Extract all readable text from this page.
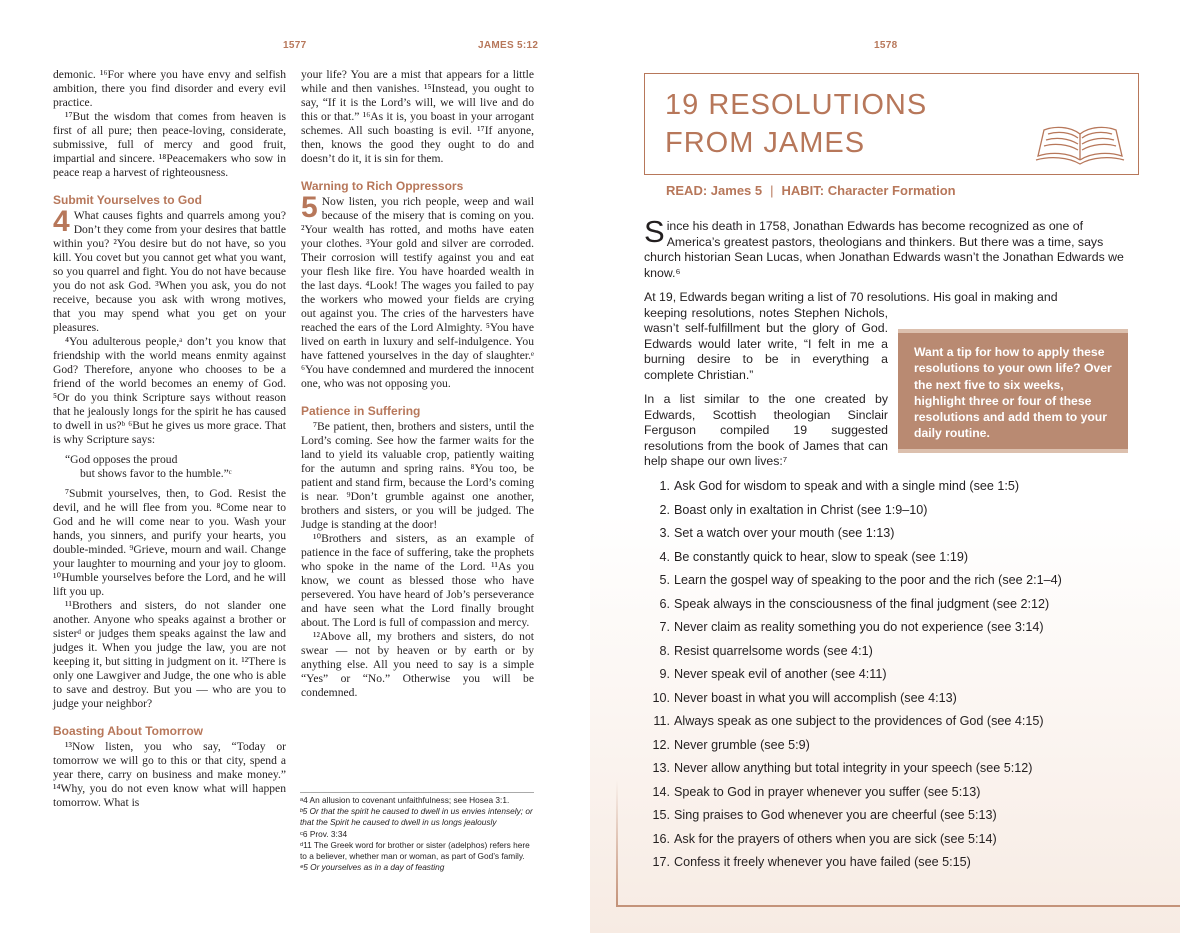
1577	JAMES 5:12

demonic. ¹⁶For where you have envy and selfish ambition, there you find disorder and every evil practice.

¹⁷But the wisdom that comes from heaven is first of all pure; then peace-loving, considerate, submissive, full of mercy and good fruit, impartial and sincere. ¹⁸Peacemakers who sow in peace reap a harvest of righteousness.

Submit Yourselves to God

4 What causes fights and quarrels among you? Don’t they come from your desires that battle within you? ²You desire but do not have, so you kill. You covet but you cannot get what you want, so you quarrel and fight. You do not have because you do not ask God. ³When you ask, you do not receive, because you ask with wrong motives, that you may spend what you get on your pleasures.

⁴You adulterous people,ᵃ don’t you know that friendship with the world means enmity against God? Therefore, anyone who chooses to be a friend of the world becomes an enemy of God. ⁵Or do you think Scripture says without reason that he jealously longs for the spirit he has caused to dwell in us?ᵇ ⁶But he gives us more grace. That is why Scripture says:

“God opposes the proud
but shows favor to the humble.”ᶜ

⁷Submit yourselves, then, to God. Resist the devil, and he will flee from you. ⁸Come near to God and he will come near to you. Wash your hands, you sinners, and purify your hearts, you double-minded. ⁹Grieve, mourn and wail. Change your laughter to mourning and your joy to gloom. ¹⁰Humble yourselves before the Lord, and he will lift you up.

¹¹Brothers and sisters, do not slander one another. Anyone who speaks against a brother or sisterᵈ or judges them speaks against the law and judges it. When you judge the law, you are not keeping it, but sitting in judgment on it. ¹²There is only one Lawgiver and Judge, the one who is able to save and destroy. But you — who are you to judge your neighbor?

Boasting About Tomorrow

¹³Now listen, you who say, “Today or tomorrow we will go to this or that city, spend a year there, carry on business and make money.” ¹⁴Why, you do not even know what will happen tomorrow. What is

your life? You are a mist that appears for a little while and then vanishes. ¹⁵Instead, you ought to say, “If it is the Lord’s will, we will live and do this or that.” ¹⁶As it is, you boast in your arrogant schemes. All such boasting is evil. ¹⁷If anyone, then, knows the good they ought to do and doesn’t do it, it is sin for them.

Warning to Rich Oppressors

5 Now listen, you rich people, weep and wail because of the misery that is coming on you. ²Your wealth has rotted, and moths have eaten your clothes. ³Your gold and silver are corroded. Their corrosion will testify against you and eat your flesh like fire. You have hoarded wealth in the last days. ⁴Look! The wages you failed to pay the workers who mowed your fields are crying out against you. The cries of the harvesters have reached the ears of the Lord Almighty. ⁵You have lived on earth in luxury and self-indulgence. You have fattened yourselves in the day of slaughter.ᵉ ⁶You have condemned and murdered the innocent one, who was not opposing you.

Patience in Suffering

⁷Be patient, then, brothers and sisters, until the Lord’s coming. See how the farmer waits for the land to yield its valuable crop, patiently waiting for the autumn and spring rains. ⁸You too, be patient and stand firm, because the Lord’s coming is near. ⁹Don’t grumble against one another, brothers and sisters, or you will be judged. The Judge is standing at the door!

¹⁰Brothers and sisters, as an example of patience in the face of suffering, take the prophets who spoke in the name of the Lord. ¹¹As you know, we count as blessed those who have persevered. You have heard of Job’s perseverance and have seen what the Lord finally brought about. The Lord is full of compassion and mercy.

¹²Above all, my brothers and sisters, do not swear — not by heaven or by earth or by anything else. All you need to say is a simple “Yes” or “No.” Otherwise you will be condemned.

ᵃ4 An allusion to covenant unfaithfulness; see Hosea 3:1.

ᵇ5 Or that the spirit he caused to dwell in us envies intensely; or that the Spirit he caused to dwell in us longs jealously

ᶜ6 Prov. 3:34

ᵈ11 The Greek word for brother or sister (adelphos) refers here to a believer, whether man or woman, as part of God’s family.

ᵉ5 Or yourselves as in a day of feasting

1578
19 RESOLUTIONS
FROM JAMES
READ: James 5 | HABIT: Character Formation

Since his death in 1758, Jonathan Edwards has become recognized as one of America’s greatest pastors, theologians and thinkers. But there was a time, says church historian Sean Lucas, when Jonathan Edwards wasn’t the Jonathan Edwards we know.⁶

At 19, Edwards began writing a list of 70 resolutions. His goal in making and

keeping resolutions, notes Stephen Nichols, wasn’t self-fulfillment but the glory of God. Edwards would later write, “I felt in me a burning desire to be in everything a complete Christian.”

In a list similar to the one created by Edwards, Scottish theologian Sinclair Ferguson compiled 19 suggested resolutions from the book of James that can help shape our own lives:⁷

Want a tip for how to apply these resolutions to your own life? Over the next five to six weeks, highlight three or four of these resolutions and add them to your daily routine.
1. Ask God for wisdom to speak and with a single mind (see 1:5)
2. Boast only in exaltation in Christ (see 1:9–10)
3. Set a watch over your mouth (see 1:13)
4. Be constantly quick to hear, slow to speak (see 1:19)
5. Learn the gospel way of speaking to the poor and the rich (see 2:1–4)
6. Speak always in the consciousness of the final judgment (see 2:12)
7. Never claim as reality something you do not experience (see 3:14)
8. Resist quarrelsome words (see 4:1)
9. Never speak evil of another (see 4:11)
10. Never boast in what you will accomplish (see 4:13)
11. Always speak as one subject to the providences of God (see 4:15)
12. Never grumble (see 5:9)
13. Never allow anything but total integrity in your speech (see 5:12)
14. Speak to God in prayer whenever you suffer (see 5:13)
15. Sing praises to God whenever you are cheerful (see 5:13)
16. Ask for the prayers of others when you are sick (see 5:14)
17. Confess it freely whenever you have failed (see 5:15)
